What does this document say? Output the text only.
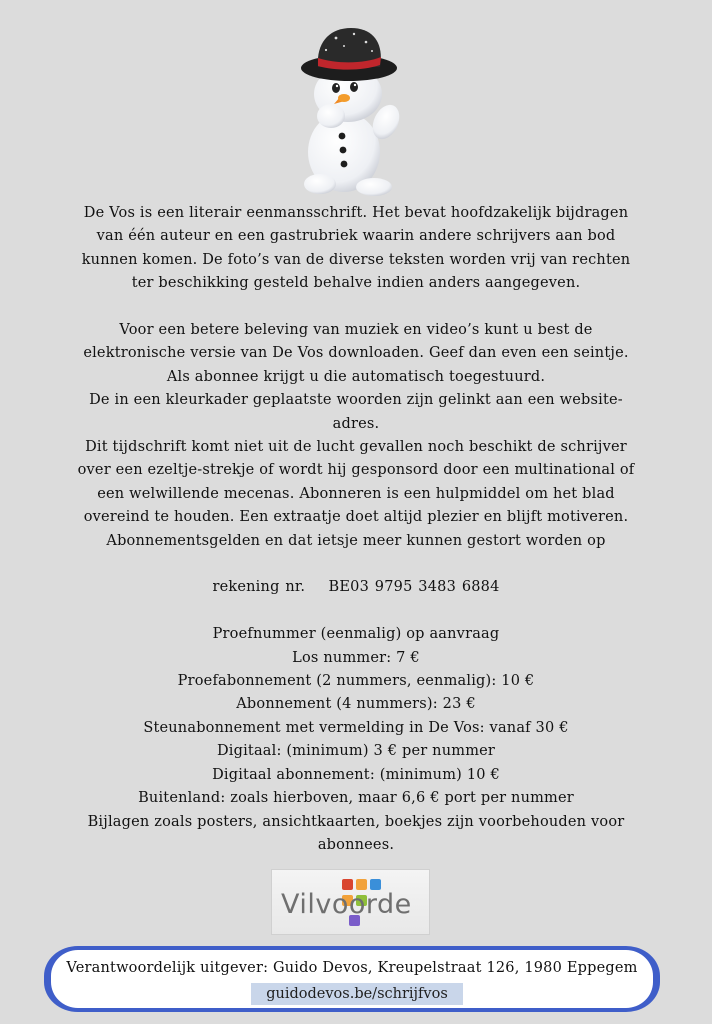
De Vos is een literair eenmansschrift. Het bevat hoofdzakelijk bijdragen
van één auteur en een gastrubriek waarin andere schrijvers aan bod
kunnen komen. De foto’s van de diverse teksten worden vrij van rechten
ter beschikking gesteld behalve indien anders aangegeven.

Voor een betere beleving van muziek en video’s kunt u best de
elektronische versie van De Vos downloaden. Geef dan even een seintje.
Als abonnee krijgt u die automatisch toegestuurd.
De in een kleurkader geplaatste woorden zijn gelinkt aan een website-
adres.
Dit tijdschrift komt niet uit de lucht gevallen noch beschikt de schrijver
over een ezeltje-strekje of wordt hij gesponsord door een multinational of
een welwillende mecenas. Abonneren is een hulpmiddel om het blad
overeind te houden. Een extraatje doet altijd plezier en blijft motiveren.
Abonnementsgelden en dat ietsje meer kunnen gestort worden op

rekening nr. BE03 9795 3483 6884

Proefnummer (eenmalig) op aanvraag
Los nummer: 7 €
Proefabonnement (2 nummers, eenmalig): 10 €
Abonnement (4 nummers): 23 €
Steunabonnement met vermelding in De Vos: vanaf 30 €
Digitaal: (minimum) 3 € per nummer
Digitaal abonnement: (minimum) 10 €
Buitenland: zoals hierboven, maar 6,6 € port per nummer
Bijlagen zoals posters, ansichtkaarten, boekjes zijn voorbehouden voor
abonnees.

Vilvoorde
Verantwoordelijk uitgever: Guido Devos, Kreupelstraat 126, 1980 Eppegem
guidodevos.be/schrijfvos
